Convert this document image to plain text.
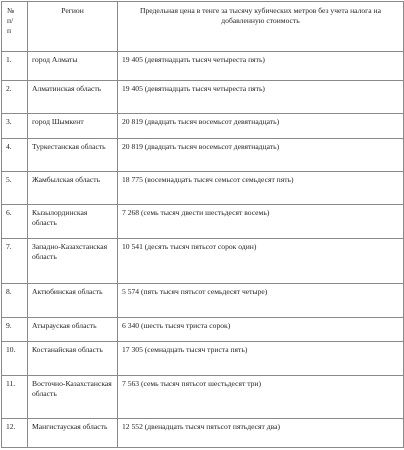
№
п/
п	Регион	Предельная цена в тенге за тысячу кубических метров без учета налога на добавленную стоимость
1.	город Алматы	19 405 (девятнадцать тысяч четыреста пять)
2.	Алматинская область	19 405 (девятнадцать тысяч четыреста пять)
3.	город Шымкент	20 819 (двадцать тысяч восемьсот девятнадцать)
4.	Туркестанская область	20 819 (двадцать тысяч восемьсот девятнадцать)
5.	Жамбылская область	18 775 (восемнадцать тысяч семьсот семьдесят пять)
6.	Кызылординская область	7 268 (семь тысяч двести шестьдесят восемь)
7.	Западно-Казахстанская область	10 541 (десять тысяч пятьсот сорок один)
8.	Актюбинская область	5 574 (пять тысяч пятьсот семьдесят четыре)
9.	Атырауская область	6 340 (шесть тысяч триста сорок)
10.	Костанайская область	17 305 (семнадцать тысяч триста пять)
11.	Восточно-Казахстанская область	7 563 (семь тысяч пятьсот шестьдесят три)
12.	Мангистауская область	12 552 (двенадцать тысяч пятьсот пятьдесят два)
